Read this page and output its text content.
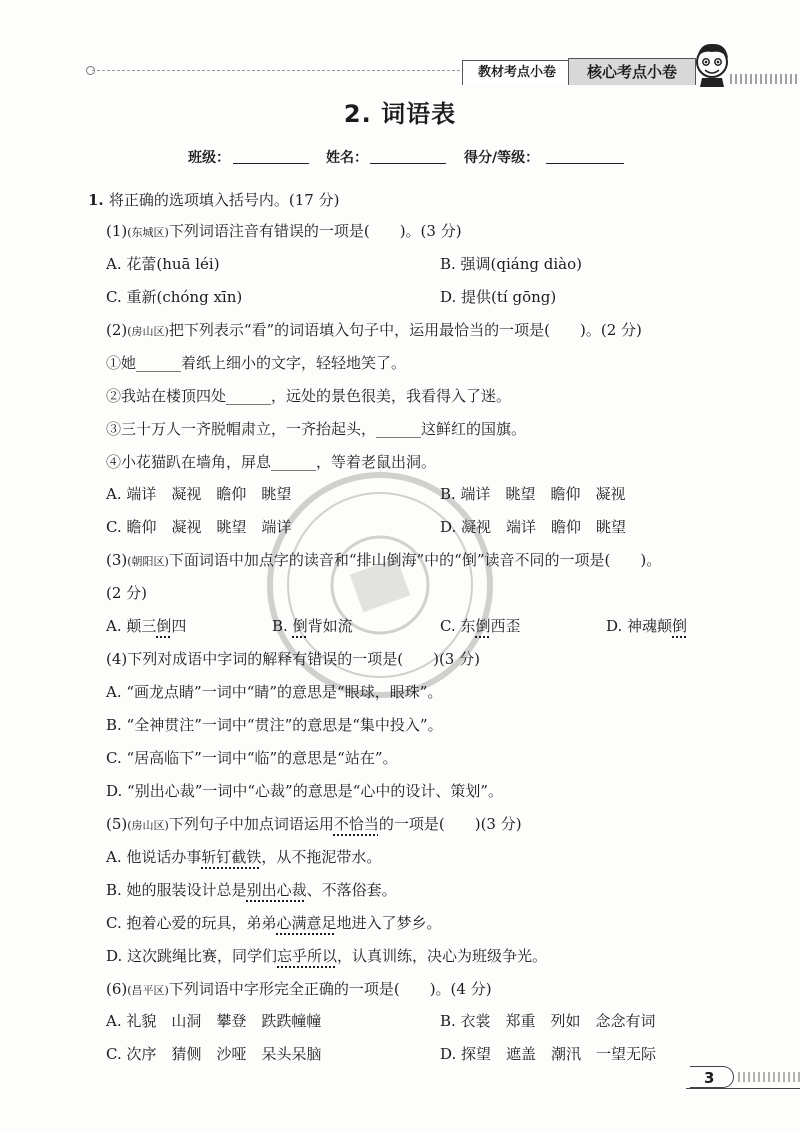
教材考点小卷	核心考点小卷
2. 词语表
班级：	姓名：	得分/等级：
1. 将正确的选项填入括号内。(17 分)
(1)(东城区)下列词语注音有错误的一项是(　　)。(3 分)
A. 花蕾(huā léi)	B. 强调(qiáng diào)
C. 重新(chóng xīn)	D. 提供(tí gōng)
(2)(房山区)把下列表示“看”的词语填入句子中，运用最恰当的一项是(　　)。(2 分)
①她______着纸上细小的文字，轻轻地笑了。
②我站在楼顶四处______，远处的景色很美，我看得入了迷。
③三十万人一齐脱帽肃立，一齐抬起头，______这鲜红的国旗。
④小花猫趴在墙角，屏息______，等着老鼠出洞。
A. 端详　凝视　瞻仰　眺望	B. 端详　眺望　瞻仰　凝视
C. 瞻仰　凝视　眺望　端详	D. 凝视　端详　瞻仰　眺望
(3)(朝阳区)下面词语中加点字的读音和“排山倒海”中的“倒”读音不同的一项是(　　)。
(2 分)
A. 颠三倒四	B. 倒背如流	C. 东倒西歪	D. 神魂颠倒
(4)下列对成语中字词的解释有错误的一项是(　　)(3 分)
A. “画龙点睛”一词中“睛”的意思是“眼球，眼珠”。
B. “全神贯注”一词中“贯注”的意思是“集中投入”。
C. “居高临下”一词中“临”的意思是“站在”。
D. “别出心裁”一词中“心裁”的意思是“心中的设计、策划”。
(5)(房山区)下列句子中加点词语运用不恰当的一项是(　　)(3 分)
A. 他说话办事斩钉截铁，从不拖泥带水。
B. 她的服装设计总是别出心裁、不落俗套。
C. 抱着心爱的玩具，弟弟心满意足地进入了梦乡。
D. 这次跳绳比赛，同学们忘乎所以，认真训练，决心为班级争光。
(6)(昌平区)下列词语中字形完全正确的一项是(　　)。(4 分)
A. 礼貌　山洞　攀登　跌跌幢幢	B. 衣裳　郑重　列如　念念有词
C. 次序　猜侧　沙哑　呆头呆脑	D. 探望　遮盖　潮汛　一望无际
3
